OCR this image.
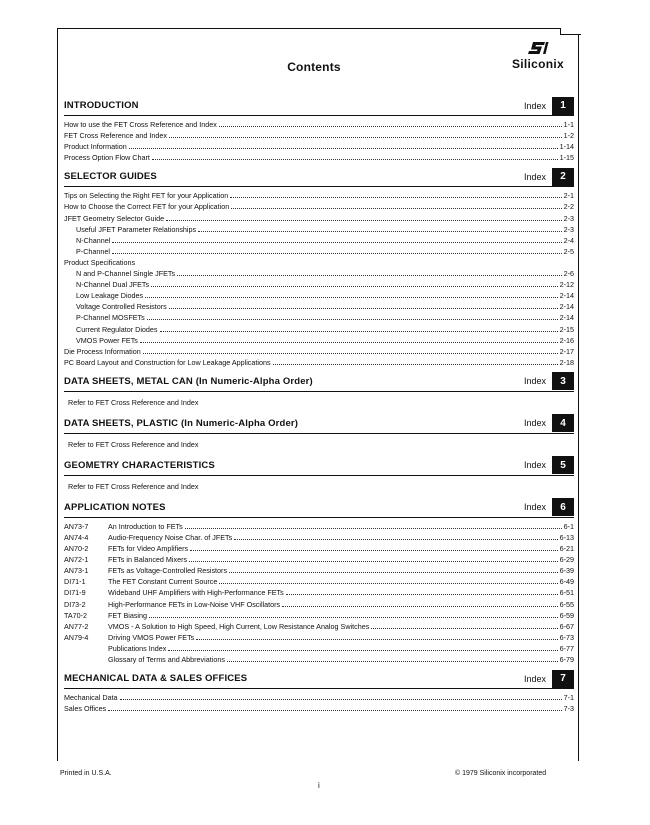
Contents	Siliconix
INTRODUCTION	Index	1
How to use the FET Cross Reference and Index	1-1
FET Cross Reference and Index	1-2
Product Information	1-14
Process Option Flow Chart	1-15
SELECTOR GUIDES	Index	2
Tips on Selecting the Right FET for your Application	2-1
How to Choose the Correct FET for your Application	2-2
JFET Geometry Selector Guide	2-3
Useful JFET Parameter Relationships	2-3
N-Channel	2-4
P-Channel	2-5
Product Specifications
N and P-Channel Single JFETs	2-6
N-Channel Dual JFETs	2-12
Low Leakage Diodes	2-14
Voltage Controlled Resistors	2-14
P-Channel MOSFETs	2-14
Current Regulator Diodes	2-15
VMOS Power FETs	2-16
Die Process Information	2-17
PC Board Layout and Construction for Low Leakage Applications	2-18
DATA SHEETS, METAL CAN (In Numeric-Alpha Order)	Index	3
Refer to FET Cross Reference and Index
DATA SHEETS, PLASTIC (In Numeric-Alpha Order)	Index	4
Refer to FET Cross Reference and Index
GEOMETRY CHARACTERISTICS	Index	5
Refer to FET Cross Reference and Index
APPLICATION NOTES	Index	6
AN73-7	An Introduction to FETs	6-1
AN74-4	Audio-Frequency Noise Char. of JFETs	6-13
AN70-2	FETs for Video Amplifiers	6-21
AN72-1	FETs in Balanced Mixers	6-29
AN73-1	FETs as Voltage-Controlled Resistors	6-39
DI71-1	The FET Constant Current Source	6-49
DI71-9	Wideband UHF Amplifiers with High-Performance FETs	6-51
DI73-2	High-Performance FETs in Low-Noise VHF Oscillators	6-55
TA70-2	FET Biasing	6-59
AN77-2	VMOS - A Solution to High Speed, High Current, Low Resistance Analog Switches	6-67
AN79-4	Driving VMOS Power FETs	6-73
Publications Index	6-77
Glossary of Terms and Abbreviations	6-79
MECHANICAL DATA & SALES OFFICES	Index	7
Mechanical Data	7-1
Sales Offices	7-3
Printed in U.S.A.	© 1979 Siliconix incorporated
i
